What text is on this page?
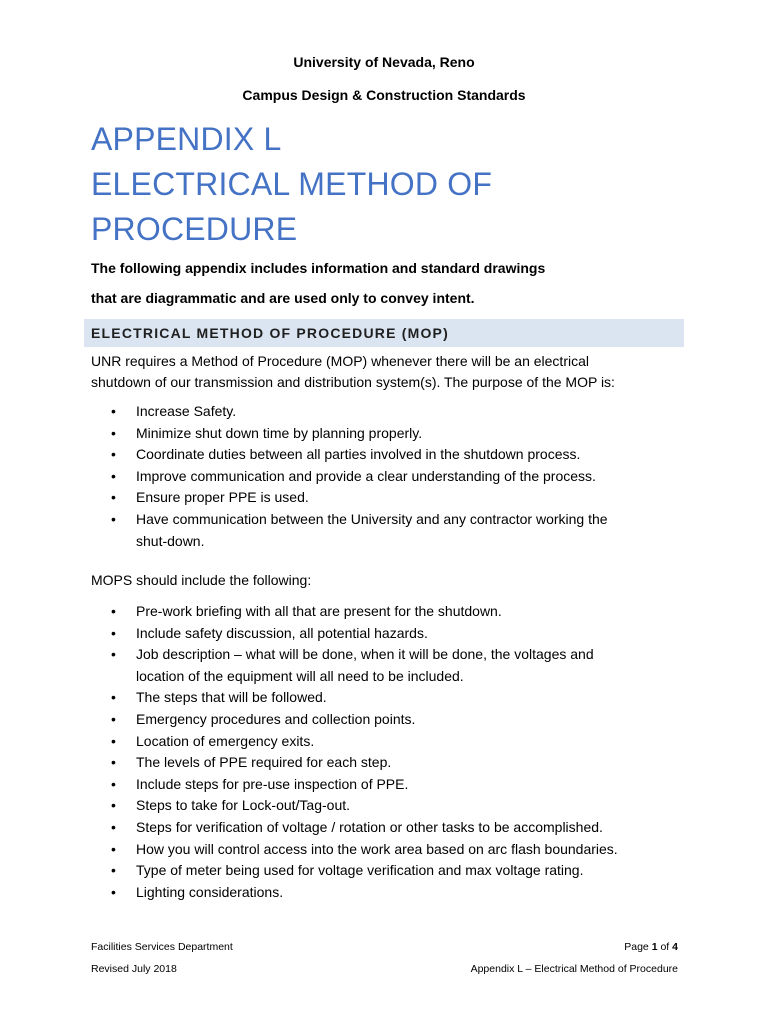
University of Nevada, Reno
Campus Design & Construction Standards
APPENDIX L
ELECTRICAL METHOD OF
PROCEDURE
The following appendix includes information and standard drawings
that are diagrammatic and are used only to convey intent.
ELECTRICAL METHOD OF PROCEDURE (MOP)
UNR requires a Method of Procedure (MOP) whenever there will be an electrical
shutdown of our transmission and distribution system(s). The purpose of the MOP is:
• Increase Safety.
• Minimize shut down time by planning properly.
• Coordinate duties between all parties involved in the shutdown process.
• Improve communication and provide a clear understanding of the process.
• Ensure proper PPE is used.
• Have communication between the University and any contractor working the
shut-down.
MOPS should include the following:
• Pre-work briefing with all that are present for the shutdown.
• Include safety discussion, all potential hazards.
• Job description – what will be done, when it will be done, the voltages and
location of the equipment will all need to be included.
• The steps that will be followed.
• Emergency procedures and collection points.
• Location of emergency exits.
• The levels of PPE required for each step.
• Include steps for pre-use inspection of PPE.
• Steps to take for Lock-out/Tag-out.
• Steps for verification of voltage / rotation or other tasks to be accomplished.
• How you will control access into the work area based on arc flash boundaries.
• Type of meter being used for voltage verification and max voltage rating.
• Lighting considerations.
Facilities Services Department
Revised July 2018
Page 1 of 4
Appendix L – Electrical Method of Procedure
